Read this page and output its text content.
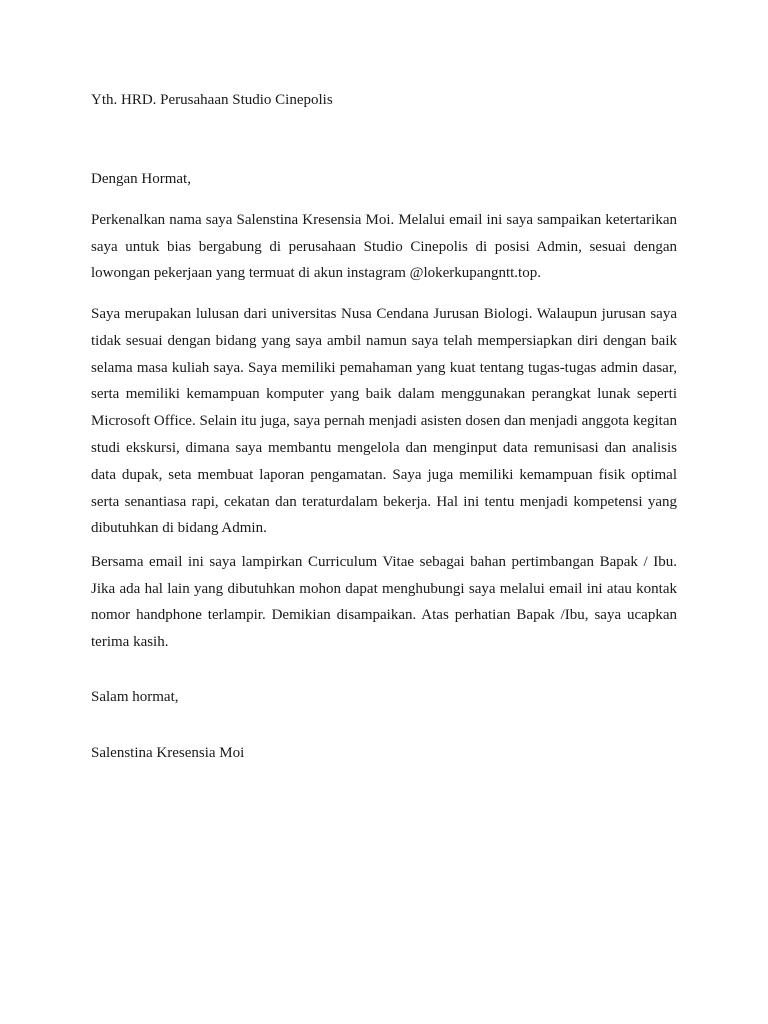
Yth. HRD. Perusahaan Studio Cinepolis

Dengan Hormat,

Perkenalkan nama saya Salenstina Kresensia Moi. Melalui email ini saya sampaikan ketertarikan saya untuk bias bergabung di perusahaan Studio Cinepolis di posisi Admin, sesuai dengan lowongan pekerjaan yang termuat di akun instagram @lokerkupangntt.top.

Saya merupakan lulusan dari universitas Nusa Cendana Jurusan Biologi. Walaupun jurusan saya tidak sesuai dengan bidang yang saya ambil namun saya telah mempersiapkan diri dengan baik selama masa kuliah saya. Saya memiliki pemahaman yang kuat tentang tugas-tugas admin dasar, serta memiliki kemampuan komputer yang baik dalam menggunakan perangkat lunak seperti Microsoft Office. Selain itu juga, saya pernah menjadi asisten dosen dan menjadi anggota kegitan studi ekskursi, dimana saya membantu mengelola dan menginput data remunisasi dan analisis data dupak, seta membuat laporan pengamatan. Saya juga memiliki kemampuan fisik optimal serta senantiasa rapi, cekatan dan teraturdalam bekerja. Hal ini tentu menjadi kompetensi yang dibutuhkan di bidang Admin.

Bersama email ini saya lampirkan Curriculum Vitae sebagai bahan pertimbangan Bapak / Ibu. Jika ada hal lain yang dibutuhkan mohon dapat menghubungi saya melalui email ini atau kontak nomor handphone terlampir. Demikian disampaikan. Atas perhatian Bapak /Ibu, saya ucapkan terima kasih.

Salam hormat,

Salenstina Kresensia Moi
